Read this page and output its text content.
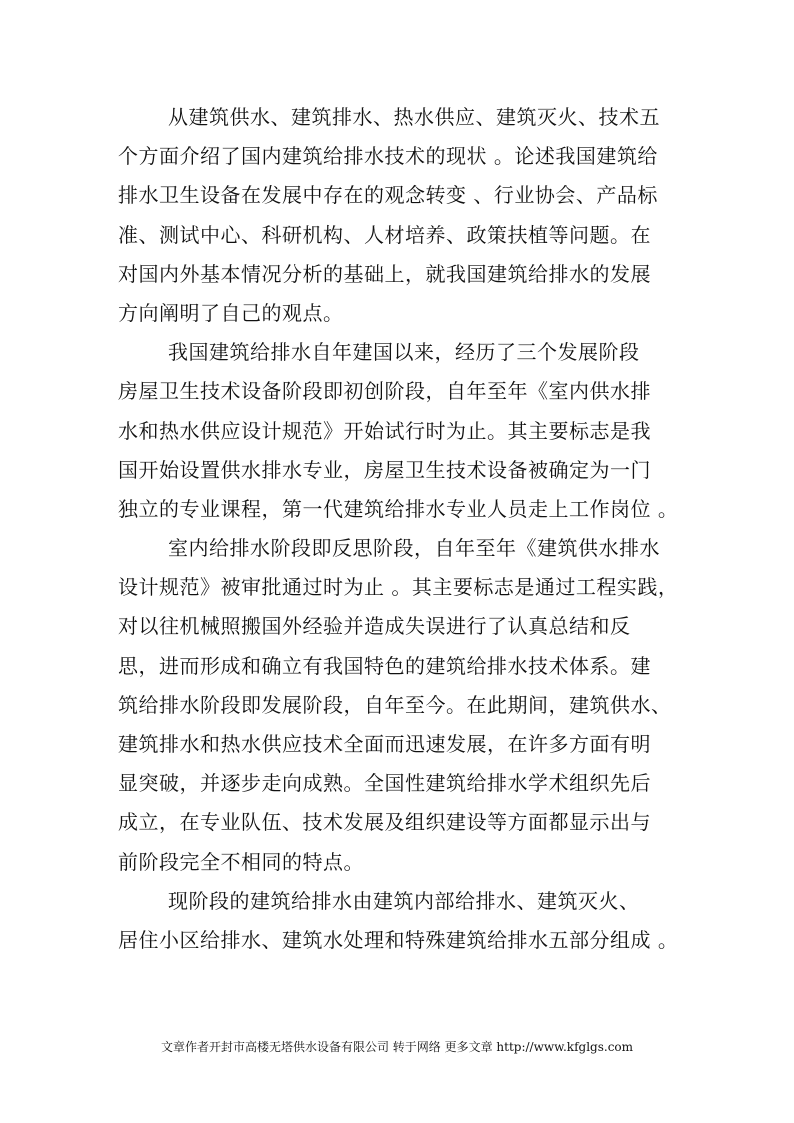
从建筑供水、建筑排水、热水供应、建筑灭火、技术五
个方面介绍了国内建筑给排水技术的现状 。论述我国建筑给
排水卫生设备在发展中存在的观念转变 、行业协会、产品标
准、测试中心、科研机构、人材培养、政策扶植等问题。在
对国内外基本情况分析的基础上，就我国建筑给排水的发展
方向阐明了自己的观点。
我国建筑给排水自年建国以来，经历了三个发展阶段
房屋卫生技术设备阶段即初创阶段，自年至年《室内供水排
水和热水供应设计规范》开始试行时为止。其主要标志是我
国开始设置供水排水专业，房屋卫生技术设备被确定为一门
独立的专业课程，第一代建筑给排水专业人员走上工作岗位 。
室内给排水阶段即反思阶段，自年至年《建筑供水排水
设计规范》被审批通过时为止 。其主要标志是通过工程实践，
对以往机械照搬国外经验并造成失误进行了认真总结和反
思，进而形成和确立有我国特色的建筑给排水技术体系。建
筑给排水阶段即发展阶段，自年至今。在此期间，建筑供水、
建筑排水和热水供应技术全面而迅速发展，在许多方面有明
显突破，并逐步走向成熟。全国性建筑给排水学术组织先后
成立，在专业队伍、技术发展及组织建设等方面都显示出与
前阶段完全不相同的特点。
现阶段的建筑给排水由建筑内部给排水、建筑灭火、
居住小区给排水、建筑水处理和特殊建筑给排水五部分组成 。
文章作者开封市高楼无塔供水设备有限公司 转于网络 更多文章 http://www.kfglgs.com
